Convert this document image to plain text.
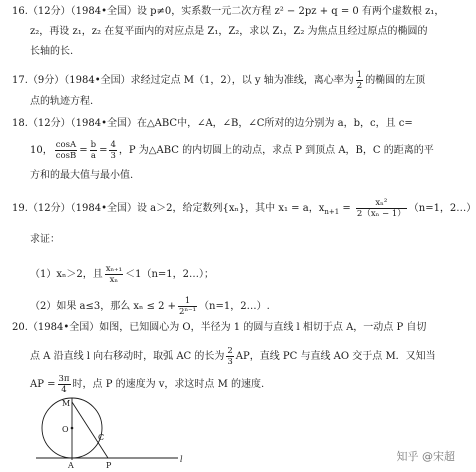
16.（12分）（1984•全国）设 p≠0，实系数一元二次方程 z² − 2pz + q = 0 有两个虚数根 z₁，
z₂，再设 z₁，z₂ 在复平面内的对应点是 Z₁，Z₂，求以 Z₁，Z₂ 为焦点且经过原点的椭圆的
长轴的长.
17.（9分）（1984•全国）求经过定点 M（1，2），以 y 轴为准线，离心率为 $\frac{1}{2}$ 的椭圆的左顶
点的轨迹方程.
18.（12分）（1984•全国）在△ABC中，∠A，∠B，∠C所对的边分别为 a，b，c，且 c=
10， $\frac{\cos A}{\cos B} = \frac{b}{a} = \frac{4}{3}$ ，P 为△ABC 的内切圆上的动点，求点 P 到顶点 A，B，C 的距离的平
方和的最大值与最小值.
19.（12分）（1984•全国）设 a＞2，给定数列{xₙ}，其中 x₁ = a，$x_{n+1} = \frac{\text{xₙ²}}{\text{2（xₙ − 1）}} (n=1$，2…）
求证：
（1）xₙ＞2，且 $\frac{\text{xₙ₊₁}}{\text{xₙ}} <1(n=1$，2…）；
（2）如果 a≤3，那么 $x_n \le 2 + \frac{1}{\text{2ⁿ⁻¹}} (n=1$，2…）.
20.（1984•全国）如图，已知圆心为 O，半径为 1 的圆与直线 l 相切于点 A，一动点 P 自切
点 A 沿直线 l 向右移动时，取弧 AC 的长为 $\frac{2}{3}$ AP，直线 PC 与直线 AO 交于点 M．又知当
AP = $\frac{3\pi}{4}$ 时，点 P 的速度为 v，求这时点 M 的速度.
M
O
C
A	P
l	知乎 @宋超
